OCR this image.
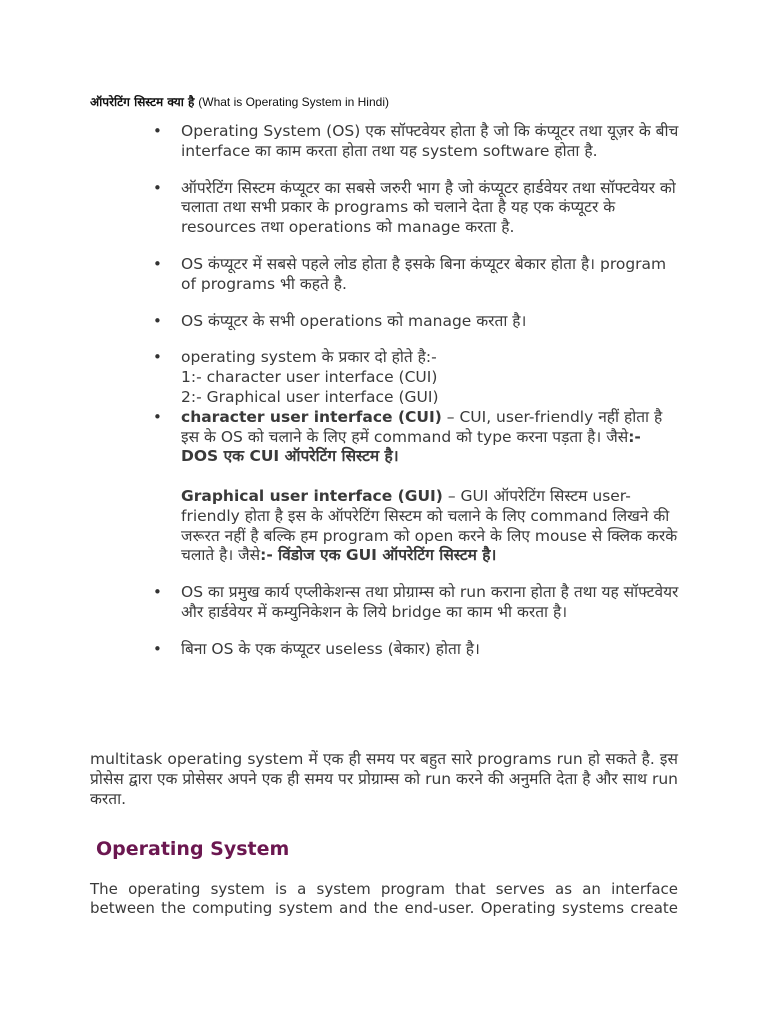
ऑपरेटिंग सिस्टम क्या है (What is Operating System in Hindi)
• Operating System (OS) एक सॉफ्टवेयर होता है जो कि कंप्यूटर तथा यूज़र के बीच interface का काम करता होता तथा यह system software होता है.
• ऑपरेटिंग सिस्टम कंप्यूटर का सबसे जरुरी भाग है जो कंप्यूटर हार्डवेयर तथा सॉफ्टवेयर को चलाता तथा सभी प्रकार के programs को चलाने देता है यह एक कंप्यूटर के resources तथा operations को manage करता है.
• OS कंप्यूटर में सबसे पहले लोड होता है इसके बिना कंप्यूटर बेकार होता है। program of programs भी कहते है.
• OS कंप्यूटर के सभी operations को manage करता है।
• operating system के प्रकार दो होते है:-
1:- character user interface (CUI)
2:- Graphical user interface (GUI)
• character user interface (CUI) – CUI, user-friendly नहीं होता है इस के OS को चलाने के लिए हमें command को type करना पड़ता है। जैसे:- DOS एक CUI ऑपरेटिंग सिस्टम है।
Graphical user interface (GUI) – GUI ऑपरेटिंग सिस्टम user-friendly होता है इस के ऑपरेटिंग सिस्टम को चलाने के लिए command लिखने की जरूरत नहीं है बल्कि हम program को open करने के लिए mouse से क्लिक करके चलाते है। जैसे:- विंडोज एक GUI ऑपरेटिंग सिस्टम है।
• OS का प्रमुख कार्य एप्लीकेशन्स तथा प्रोग्राम्स को run कराना होता है तथा यह सॉफ्टवेयर और हार्डवेयर में कम्युनिकेशन के लिये bridge का काम भी करता है।
• बिना OS के एक कंप्यूटर useless (बेकार) होता है।

multitask operating system में एक ही समय पर बहुत सारे programs run हो सकते है. इस प्रोसेस द्वारा एक प्रोसेसर अपने एक ही समय पर प्रोग्राम्स को run करने की अनुमति देता है और साथ run करता.

Operating System

The operating system is a system program that serves as an interface between the computing system and the end-user. Operating systems create
